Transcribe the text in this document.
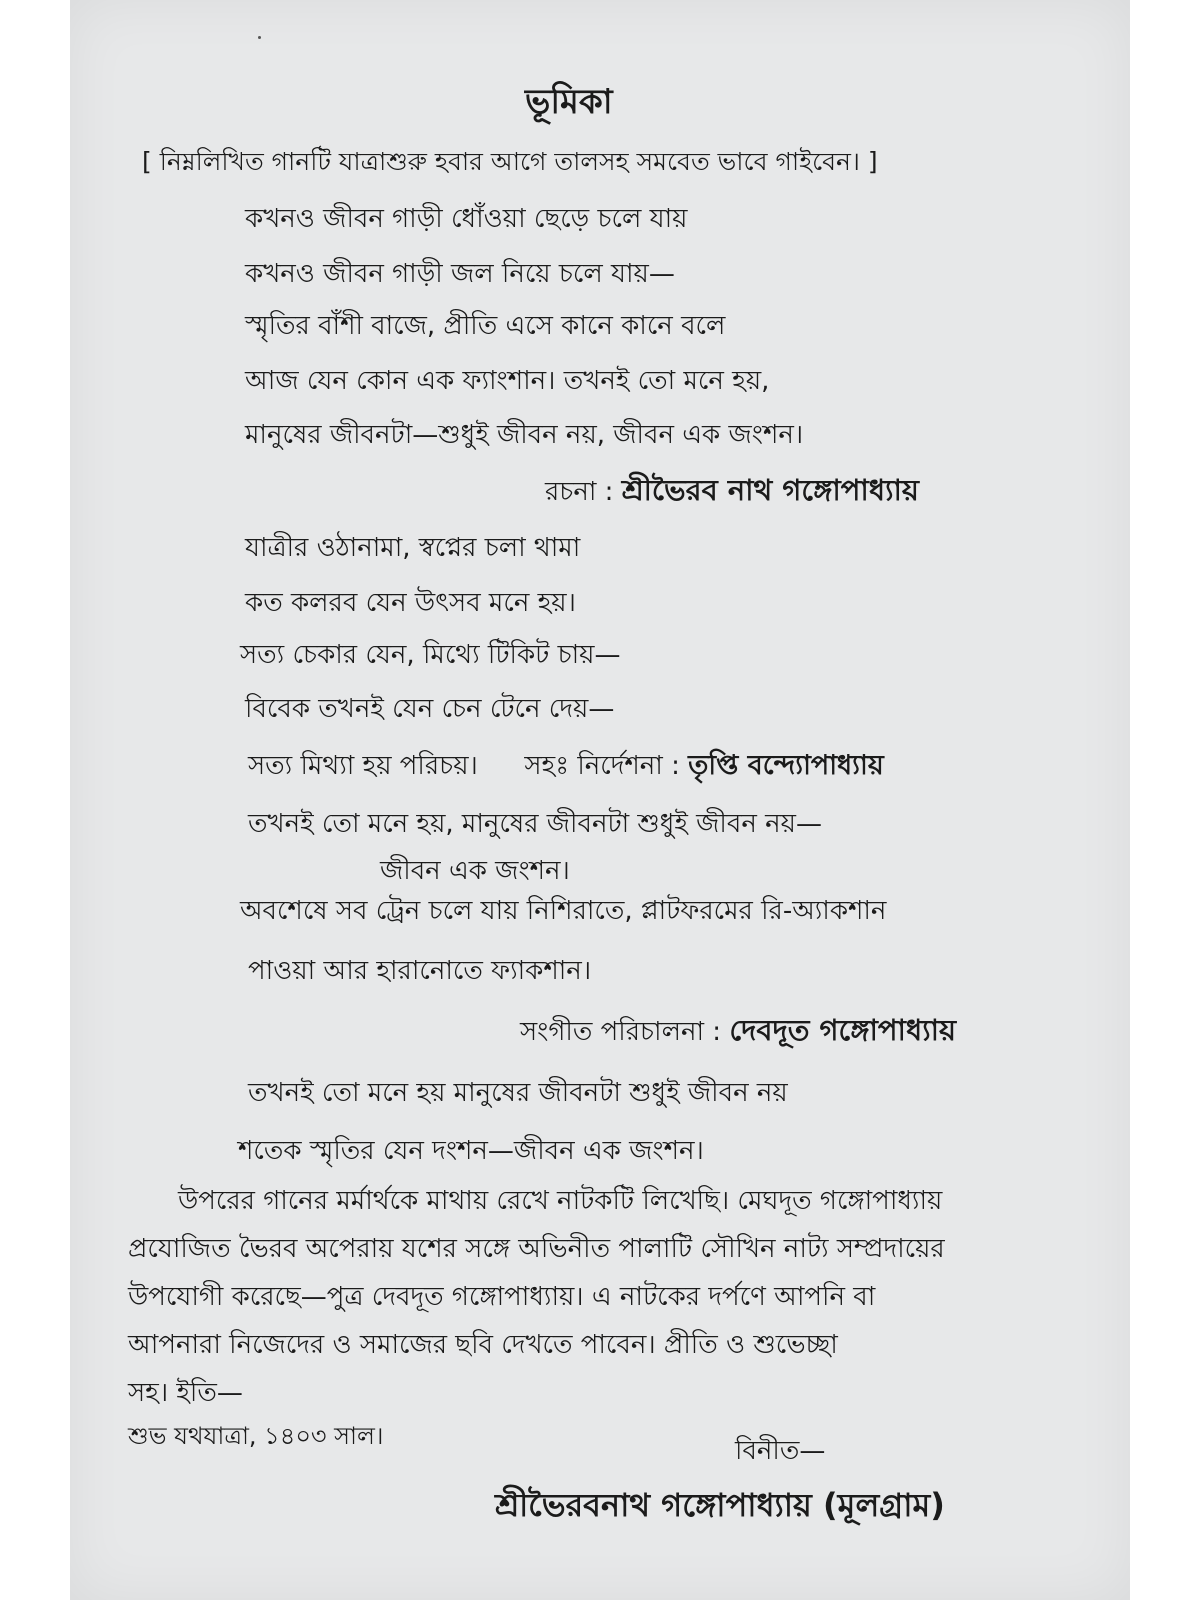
ভূমিকা
[ নিম্নলিখিত গানটি যাত্রাশুরু হবার আগে তালসহ সমবেত ভাবে গাইবেন। ]
কখনও জীবন গাড়ী ধোঁওয়া ছেড়ে চলে যায়
কখনও জীবন গাড়ী জল নিয়ে চলে যায়—
স্মৃতির বাঁশী বাজে, প্রীতি এসে কানে কানে বলে
আজ যেন কোন এক ফ্যাংশান। তখনই তো মনে হয়,
মানুষের জীবনটা—শুধুই জীবন নয়, জীবন এক জংশন।
রচনা : শ্রীভৈরব নাথ গঙ্গোপাধ্যায়
যাত্রীর ওঠানামা, স্বপ্নের চলা থামা
কত কলরব যেন উৎসব মনে হয়।
সত্য চেকার যেন, মিথ্যে টিকিট চায়—
বিবেক তখনই যেন চেন টেনে দেয়—
সত্য মিথ্যা হয় পরিচয়। সহঃ নির্দেশনা : তৃপ্তি বন্দ্যোপাধ্যায়
তখনই তো মনে হয়, মানুষের জীবনটা শুধুই জীবন নয়—
জীবন এক জংশন।
অবশেষে সব ট্রেন চলে যায় নিশিরাতে, প্লাটফরমের রি-অ্যাকশান
পাওয়া আর হারানোতে ফ্যাকশান।
সংগীত পরিচালনা : দেবদূত গঙ্গোপাধ্যায়
তখনই তো মনে হয় মানুষের জীবনটা শুধুই জীবন নয়
শতেক স্মৃতির যেন দংশন—জীবন এক জংশন।
উপরের গানের মর্মার্থকে মাথায় রেখে নাটকটি লিখেছি। মেঘদূত গঙ্গোপাধ্যায়
প্রযোজিত ভৈরব অপেরায় যশের সঙ্গে অভিনীত পালাটি সৌখিন নাট্য সম্প্রদায়ের
উপযোগী করেছে—পুত্র দেবদূত গঙ্গোপাধ্যায়। এ নাটকের দর্পণে আপনি বা
আপনারা নিজেদের ও সমাজের ছবি দেখতে পাবেন। প্রীতি ও শুভেচ্ছা
সহ। ইতি—
শুভ যথযাত্রা, ১৪০৩ সাল।	বিনীত—
শ্রীভৈরবনাথ গঙ্গোপাধ্যায় (মূলগ্রাম)
